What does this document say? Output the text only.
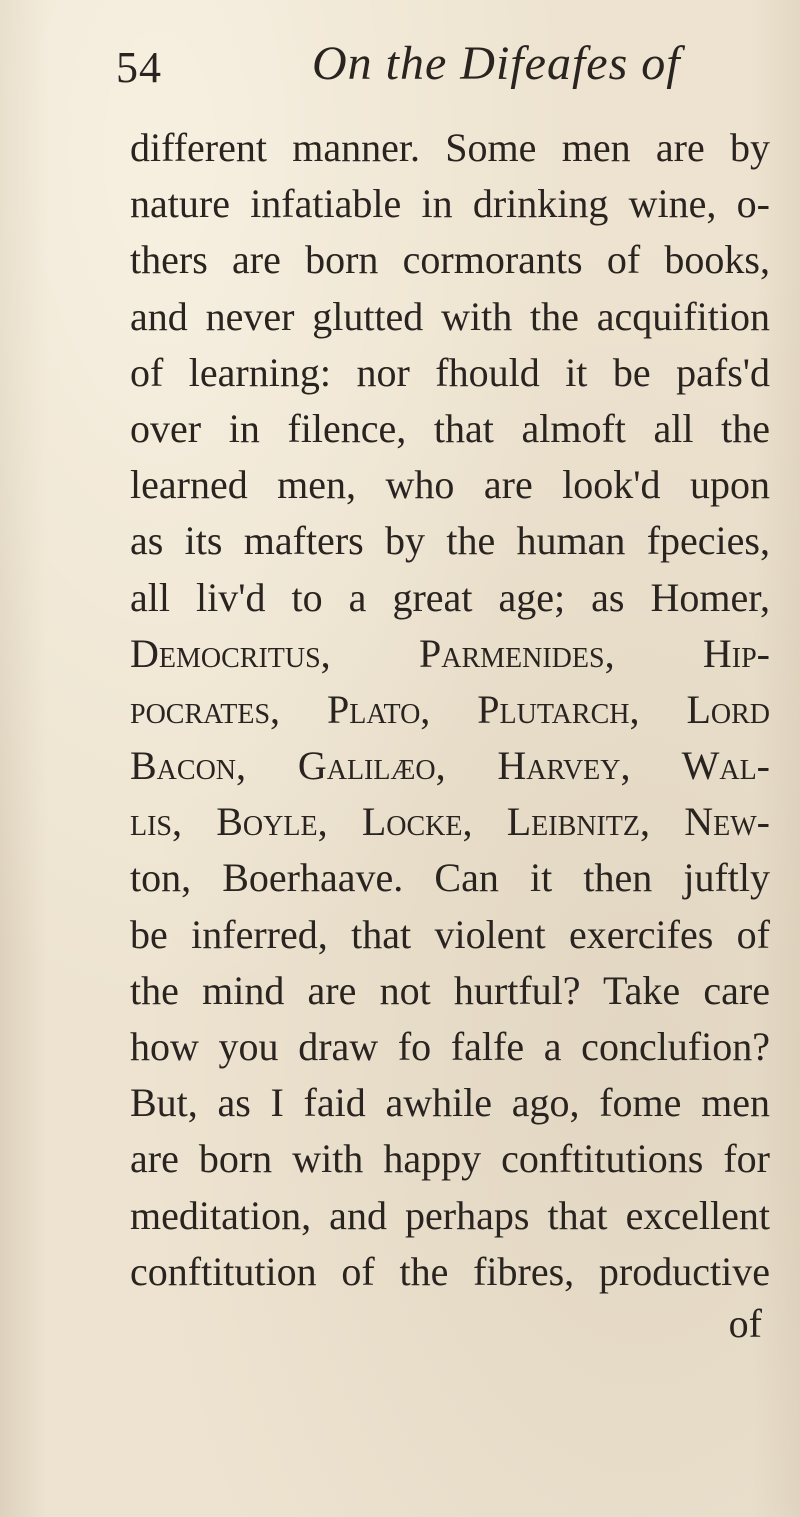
54	On the Difeafes of
different manner. Some men are by
nature infatiable in drinking wine, o-
thers are born cormorants of books,
and never glutted with the acquifition
of learning: nor fhould it be pafs'd
over in filence, that almoft all the
learned men, who are look'd upon
as its mafters by the human fpecies,
all liv'd to a great age; as Homer,
Democritus, Parmenides, Hip-
pocrates, Plato, Plutarch, Lord
Bacon, Galilæo, Harvey, Wal-
lis, Boyle, Locke, Leibnitz, New-
ton, Boerhaave. Can it then juftly
be inferred, that violent exercifes of
the mind are not hurtful? Take care
how you draw fo falfe a conclufion?
But, as I faid awhile ago, fome men
are born with happy conftitutions for
meditation, and perhaps that excellent
conftitution of the fibres, productive
of
